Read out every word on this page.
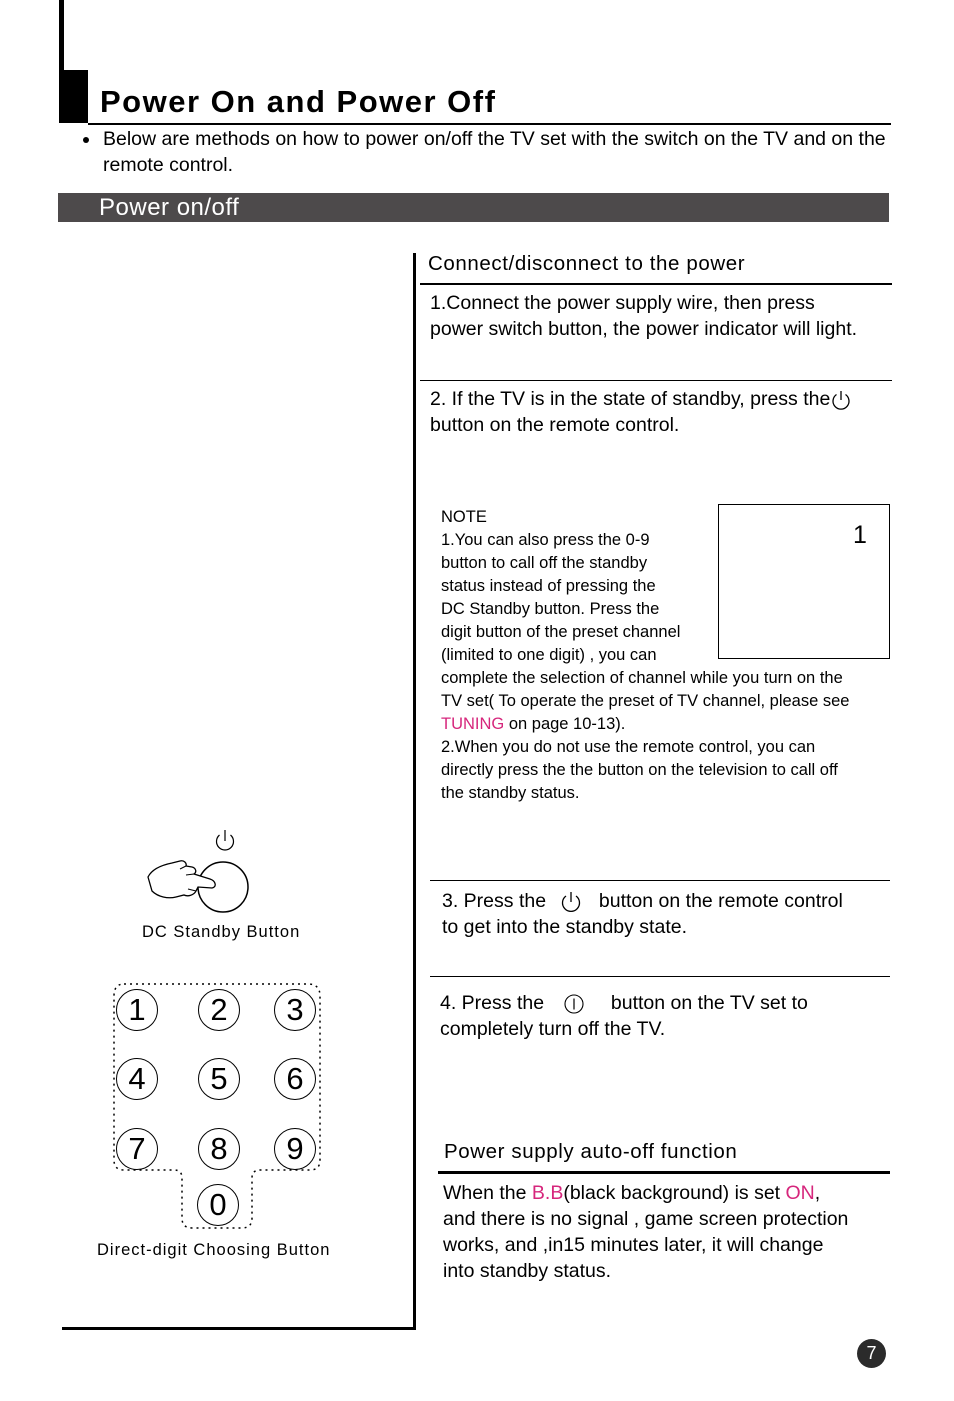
Power On and Power Off
Below are methods on how to power on/off the TV set with the switch on the TV and on the remote control.
Power on/off
Connect/disconnect to the power
1.Connect the power supply wire, then press power switch button, the power indicator will light.
2. If the TV is in the state of standby, press the
button on the remote control.
NOTE
1.You can also press the 0-9
button to call off the standby
status instead of pressing the
DC Standby button. Press the
digit button of the preset channel
(limited to one digit) , you can
complete the selection of channel while you turn on the
TV set( To operate the preset of TV channel, please see
TUNING on page 10-13).
2.When you do not use the remote control, you can
directly press the the button on the television to call off
the standby status.
1
3. Press the	button on the remote control
to get into the standby state.
4. Press the	button on the TV set to
completely turn off the TV.
Power supply auto-off function
When the B.B(black background) is set ON,
and there is no signal , game screen protection
works, and ,in15 minutes later, it will change
into standby status.
DC Standby Button
1	2	3
4	5	6
7	8	9
0
Direct-digit Choosing Button
7
